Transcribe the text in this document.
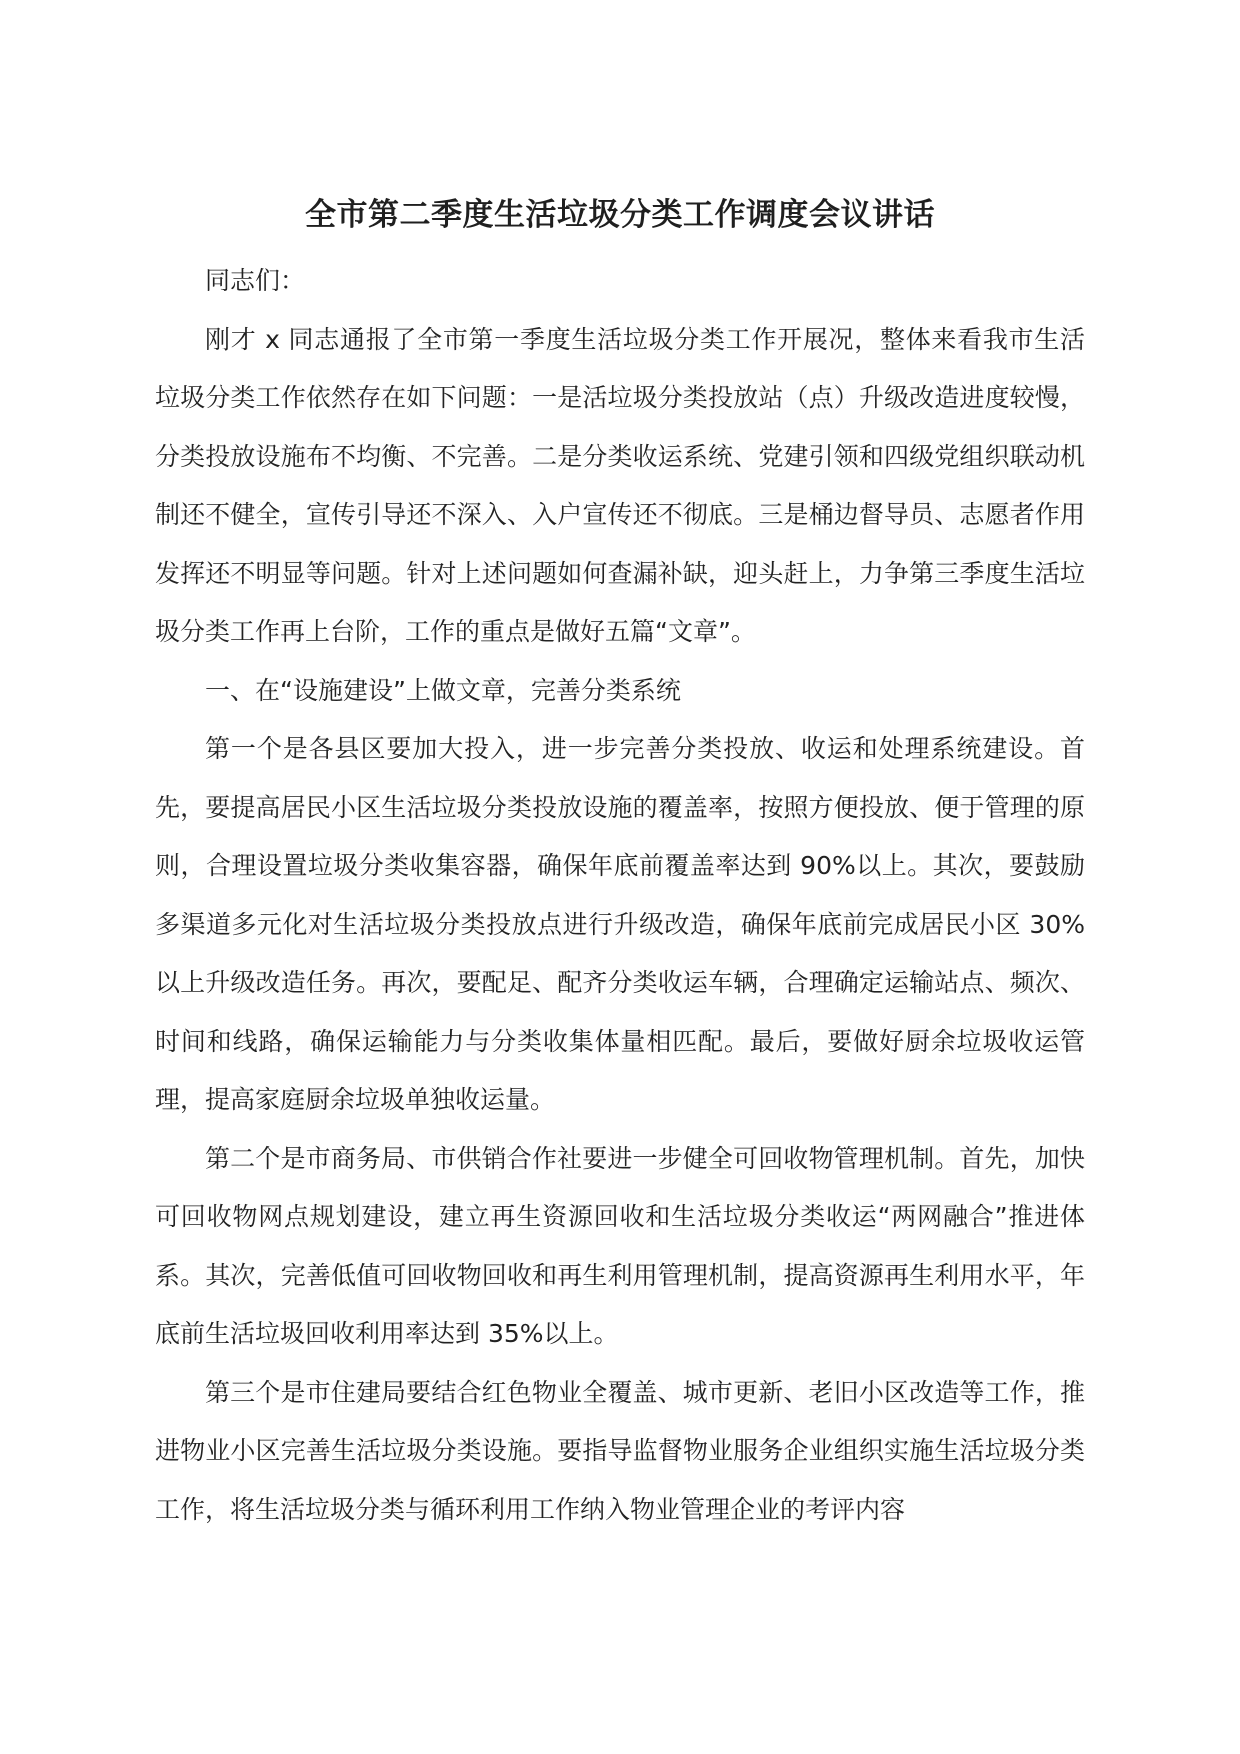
全市第二季度生活垃圾分类工作调度会议讲话

同志们：

刚才 x 同志通报了全市第一季度生活垃圾分类工作开展况，整体来看我市生活垃圾分类工作依然存在如下问题：一是活垃圾分类投放站（点）升级改造进度较慢，分类投放设施布不均衡、不完善。二是分类收运系统、党建引领和四级党组织联动机制还不健全，宣传引导还不深入、入户宣传还不彻底。三是桶边督导员、志愿者作用发挥还不明显等问题。针对上述问题如何查漏补缺，迎头赶上，力争第三季度生活垃圾分类工作再上台阶，工作的重点是做好五篇“文章”。

一、在“设施建设”上做文章，完善分类系统

第一个是各县区要加大投入，进一步完善分类投放、收运和处理系统建设。首先，要提高居民小区生活垃圾分类投放设施的覆盖率，按照方便投放、便于管理的原则，合理设置垃圾分类收集容器，确保年底前覆盖率达到 90%以上。其次，要鼓励多渠道多元化对生活垃圾分类投放点进行升级改造，确保年底前完成居民小区 30%以上升级改造任务。再次，要配足、配齐分类收运车辆，合理确定运输站点、频次、时间和线路，确保运输能力与分类收集体量相匹配。最后，要做好厨余垃圾收运管理，提高家庭厨余垃圾单独收运量。

第二个是市商务局、市供销合作社要进一步健全可回收物管理机制。首先，加快可回收物网点规划建设，建立再生资源回收和生活垃圾分类收运“两网融合”推进体系。其次，完善低值可回收物回收和再生利用管理机制，提高资源再生利用水平，年底前生活垃圾回收利用率达到 35%以上。

第三个是市住建局要结合红色物业全覆盖、城市更新、老旧小区改造等工作，推进物业小区完善生活垃圾分类设施。要指导监督物业服务企业组织实施生活垃圾分类工作，将生活垃圾分类与循环利用工作纳入物业管理企业的考评内容
